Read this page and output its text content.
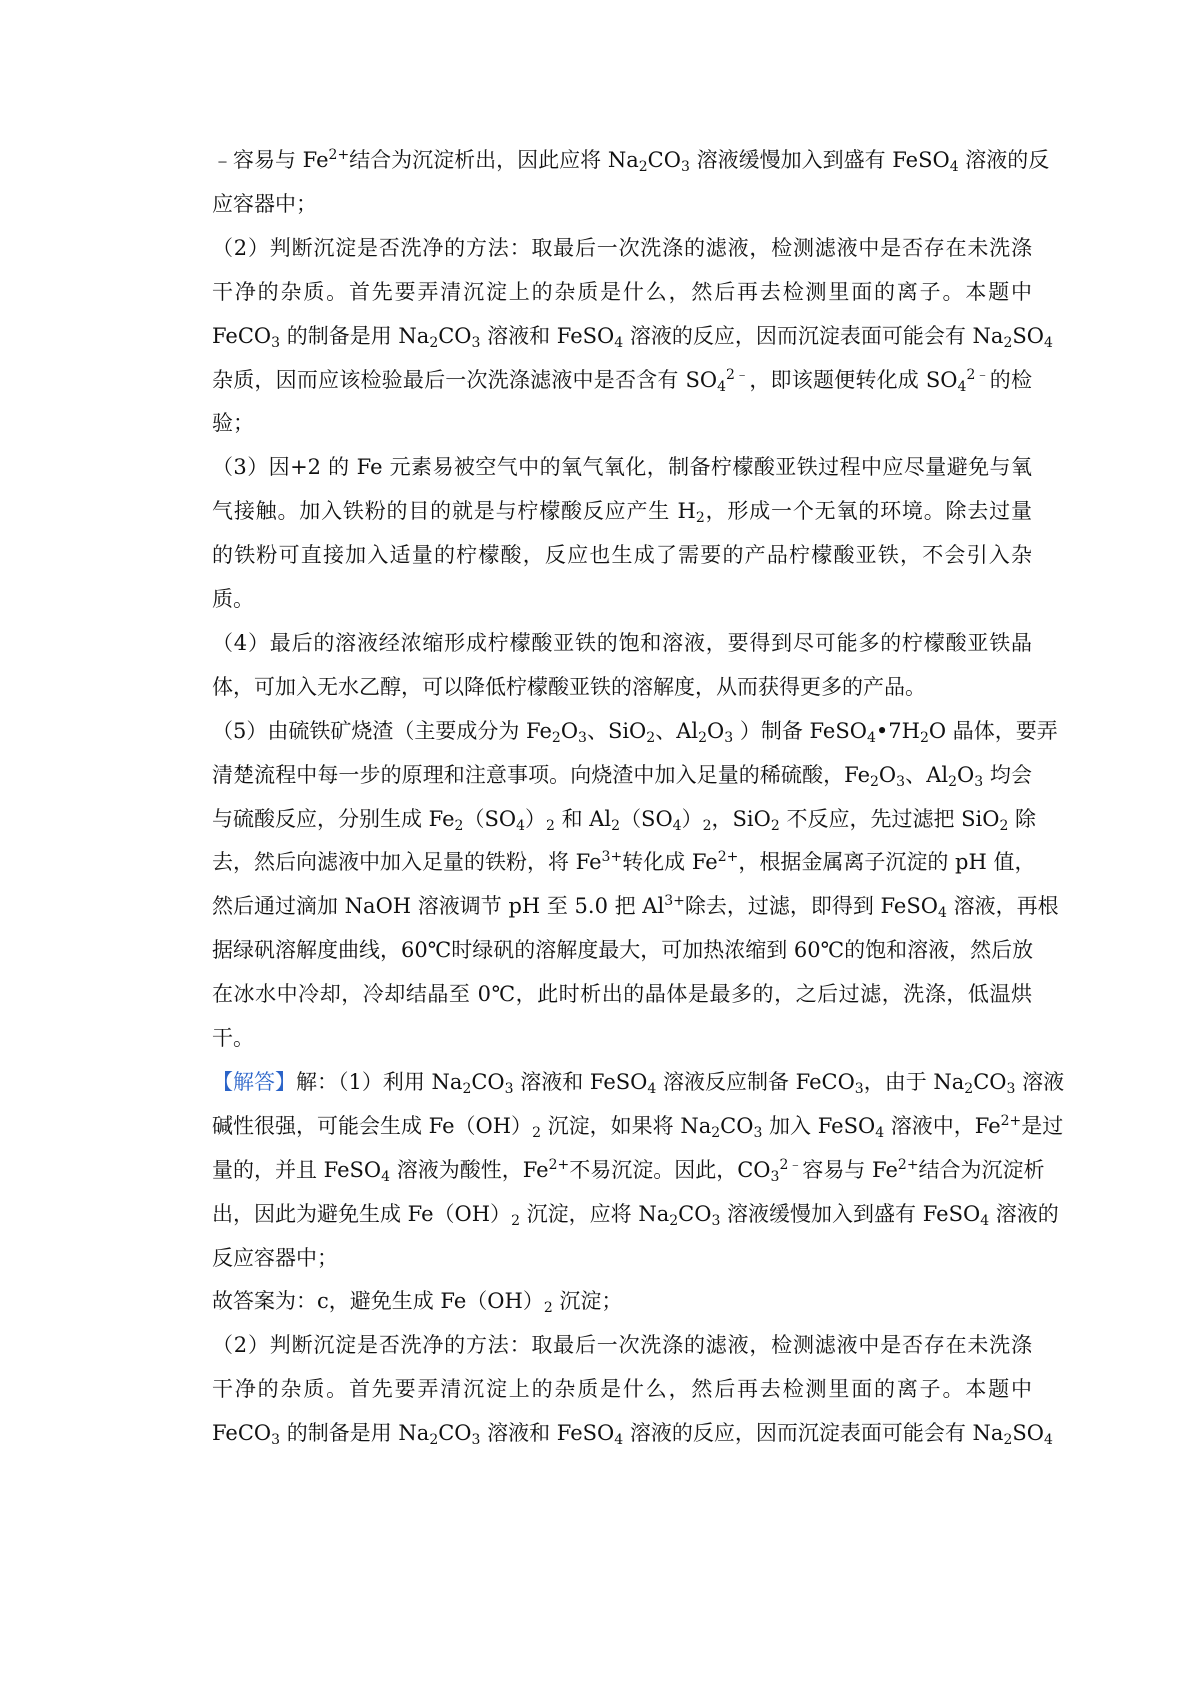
﹣容易与 $Fe^{2+}$结合为沉淀析出，因此应将 $Na_2CO_3$ 溶液缓慢加入到盛有 FeSO$_4$ 溶液的反

应容器中；

（2）判断沉淀是否洗净的方法：取最后一次洗涤的滤液，检测滤液中是否存在未洗涤

干净的杂质。首先要弄清沉淀上的杂质是什么，然后再去检测里面的离子。本题中

FeCO$_3$ 的制备是用 $Na_2CO_3$ 溶液和 FeSO$_4$ 溶液的反应，因而沉淀表面可能会有 $Na_2SO_4$

杂质，因而应该检验最后一次洗涤滤液中是否含有 $SO_4^{2﹣}$，即该题便转化成 $SO_4^{2﹣}$的检

验；

（3）因+2 的 Fe 元素易被空气中的氧气氧化，制备柠檬酸亚铁过程中应尽量避免与氧

气接触。加入铁粉的目的就是与柠檬酸反应产生 $H_2$，形成一个无氧的环境。除去过量

的铁粉可直接加入适量的柠檬酸，反应也生成了需要的产品柠檬酸亚铁，不会引入杂

质。

（4）最后的溶液经浓缩形成柠檬酸亚铁的饱和溶液，要得到尽可能多的柠檬酸亚铁晶

体，可加入无水乙醇，可以降低柠檬酸亚铁的溶解度，从而获得更多的产品。

（5）由硫铁矿烧渣（主要成分为 $Fe_2O_3$、SiO$_2$、$Al_2O_3$ ）制备 $FeSO_4•7H_2O$ 晶体，要弄

清楚流程中每一步的原理和注意事项。向烧渣中加入足量的稀硫酸，$Fe_2O_3$、$Al_2O_3$ 均会

与硫酸反应，分别生成 $Fe_2(SO_4)_2$ 和 $Al_2(SO_4)_2$，SiO$_2$ 不反应，先过滤把 SiO$_2$ 除

去，然后向滤液中加入足量的铁粉，将 $Fe^{3+}$转化成 $Fe^{2+}$，根据金属离子沉淀的 pH 值，

然后通过滴加 NaOH 溶液调节 pH 至 5.0 把 $Al^{3+}$除去，过滤，即得到 FeSO$_4$ 溶液，再根

据绿矾溶解度曲线，60℃时绿矾的溶解度最大，可加热浓缩到 60℃的饱和溶液，然后放

在冰水中冷却，冷却结晶至 0℃，此时析出的晶体是最多的，之后过滤，洗涤，低温烘

干。

【解答】解：（1）利用 $Na_2CO_3$ 溶液和 FeSO$_4$ 溶液反应制备 FeCO$_3$，由于 $Na_2CO_3$ 溶液

碱性很强，可能会生成 $Fe(OH)_2$ 沉淀，如果将 $Na_2CO_3$ 加入 FeSO$_4$ 溶液中，$Fe^{2+}$是过

量的，并且 FeSO$_4$ 溶液为酸性，$Fe^{2+}$不易沉淀。因此，$CO_3^{2﹣}$容易与 $Fe^{2+}$结合为沉淀析

出，因此为避免生成 $Fe(OH)_2$ 沉淀，应将 $Na_2CO_3$ 溶液缓慢加入到盛有 FeSO$_4$ 溶液的

反应容器中；

故答案为：c，避免生成 $Fe(OH)_2$ 沉淀；

（2）判断沉淀是否洗净的方法：取最后一次洗涤的滤液，检测滤液中是否存在未洗涤

干净的杂质。首先要弄清沉淀上的杂质是什么，然后再去检测里面的离子。本题中

FeCO$_3$ 的制备是用 $Na_2CO_3$ 溶液和 FeSO$_4$ 溶液的反应，因而沉淀表面可能会有 $Na_2SO_4$
